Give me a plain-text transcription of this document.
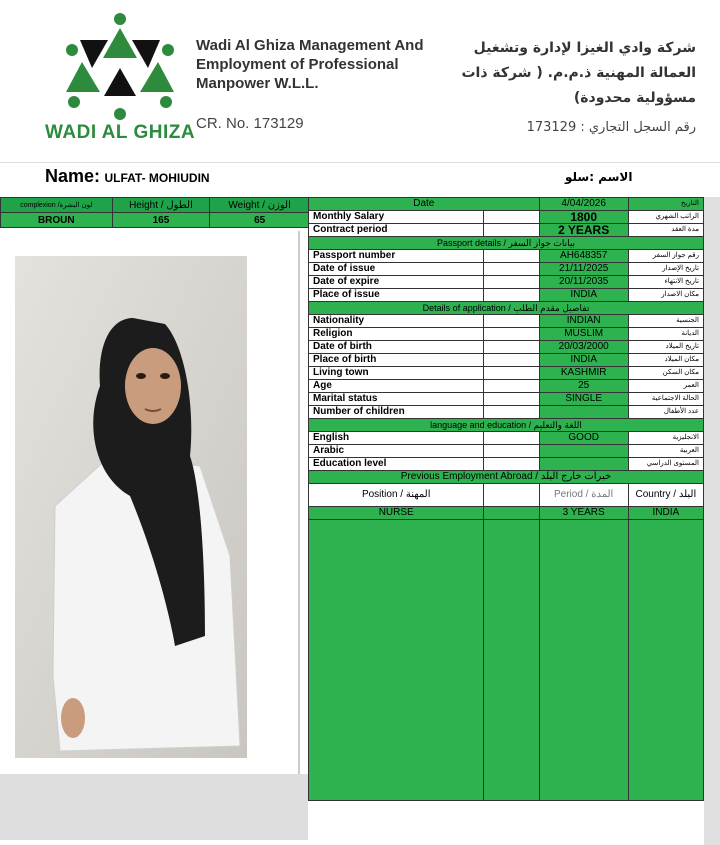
WADI AL GHIZA
Wadi Al Ghiza Management And Employment of Professional Manpower W.L.L.
CR. No. 173129
شركة وادي الغيزا لإدارة وتشغيل العمالة المهنية ذ.م.م. ( شركة ذات مسؤولية محدودة)
رقم السجل التجاري : 173129
Name: ULFAT- MOHIUDIN	الاسم :سلو
complexion /لون البشرة	Height / الطول	Weight / الوزن
BROUN	165	65
Date		4/04/2026	التاريخ
Monthly Salary		1800	الراتب الشهري
Contract period		2 YEARS	مدة العقد
Passport details / بيانات جواز السفر			
Passport number		AH648357	رقم جواز السفر
Date of issue		21/11/2025	تاريخ الإصدار
Date of expire		20/11/2035	تاريخ الانتهاء
Place of issue		INDIA	مكان الاصدار
Details of application / تفاصيل مقدم الطلب			
Nationality		INDIAN	الجنسية
Religion		MUSLIM	الديانة
Date of birth		20/03/2000	تاريخ الميلاد
Place of birth		INDIA	مكان الميلاد
Living town		KASHMIR	مكان السكن
Age		25	العمر
Marital status		SINGLE	الحالة الاجتماعية
Number of children			عدد الأطفال
language and education / اللغة والتعليم			
English		GOOD	الانجليزية
Arabic			العربية
Education level			المستوى الدراسي
Previous Employment Abroad / خبرات خارج البلد			
Position / المهنة		Period / المدة	Country / البلد
NURSE		3 YEARS	INDIA
